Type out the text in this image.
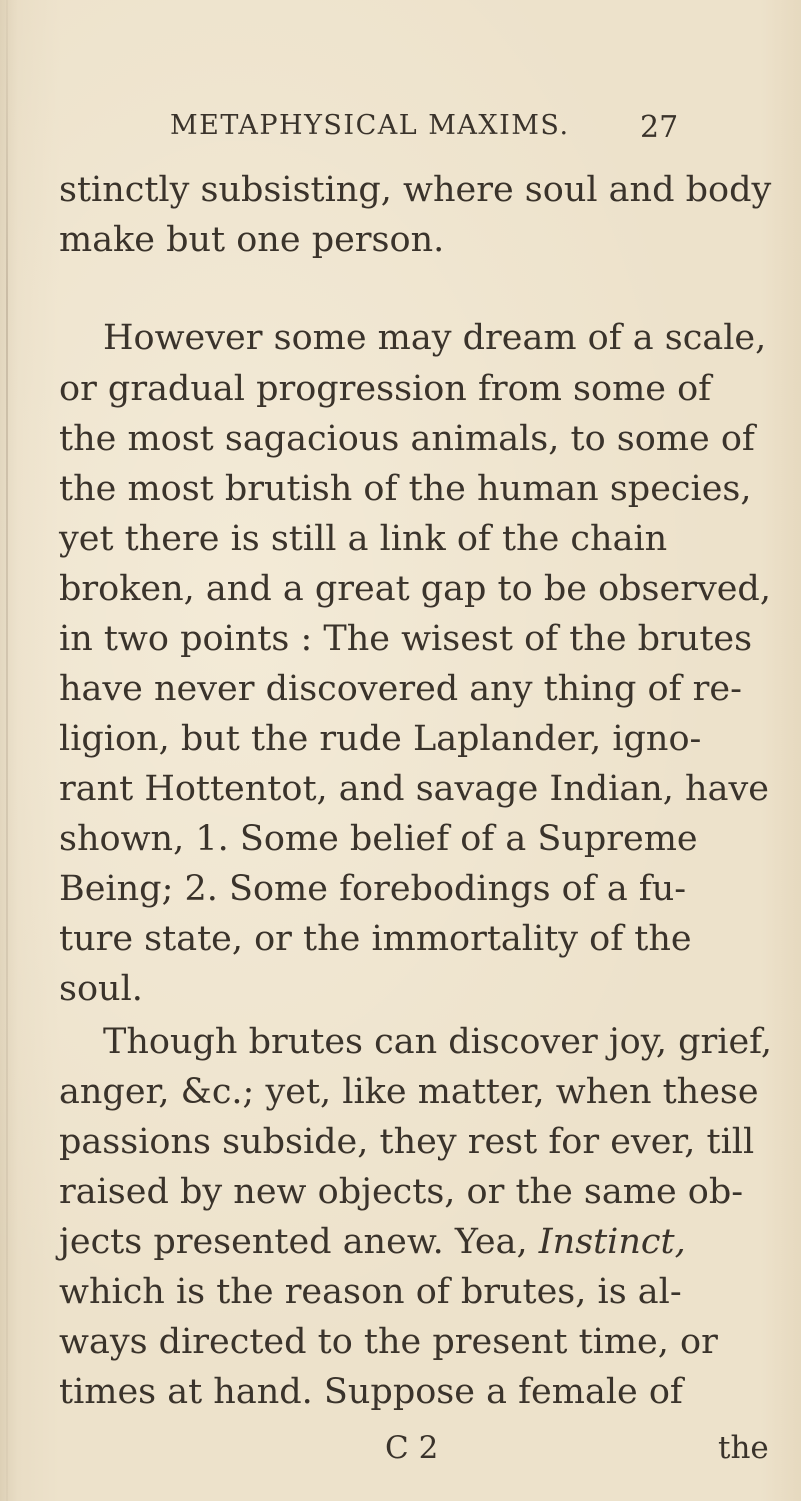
METAPHYSICAL MAXIMS.	27
stinctly subsisting, where soul and body
make but one person.
However some may dream of a scale,
or gradual progression from some of
the most sagacious animals, to some of
the most brutish of the human species,
yet there is still a link of the chain
broken, and a great gap to be observed,
in two points : The wisest of the brutes
have never discovered any thing of re-
ligion, but the rude Laplander, igno-
rant Hottentot, and savage Indian, have
shown, 1. Some belief of a Supreme
Being; 2. Some forebodings of a fu-
ture state, or the immortality of the
soul.
Though brutes can discover joy, grief,
anger, &c.; yet, like matter, when these
passions subside, they rest for ever, till
raised by new objects, or the same ob-
jects presented anew. Yea, Instinct,
which is the reason of brutes, is al-
ways directed to the present time, or
times at hand. Suppose a female of
C 2	the
